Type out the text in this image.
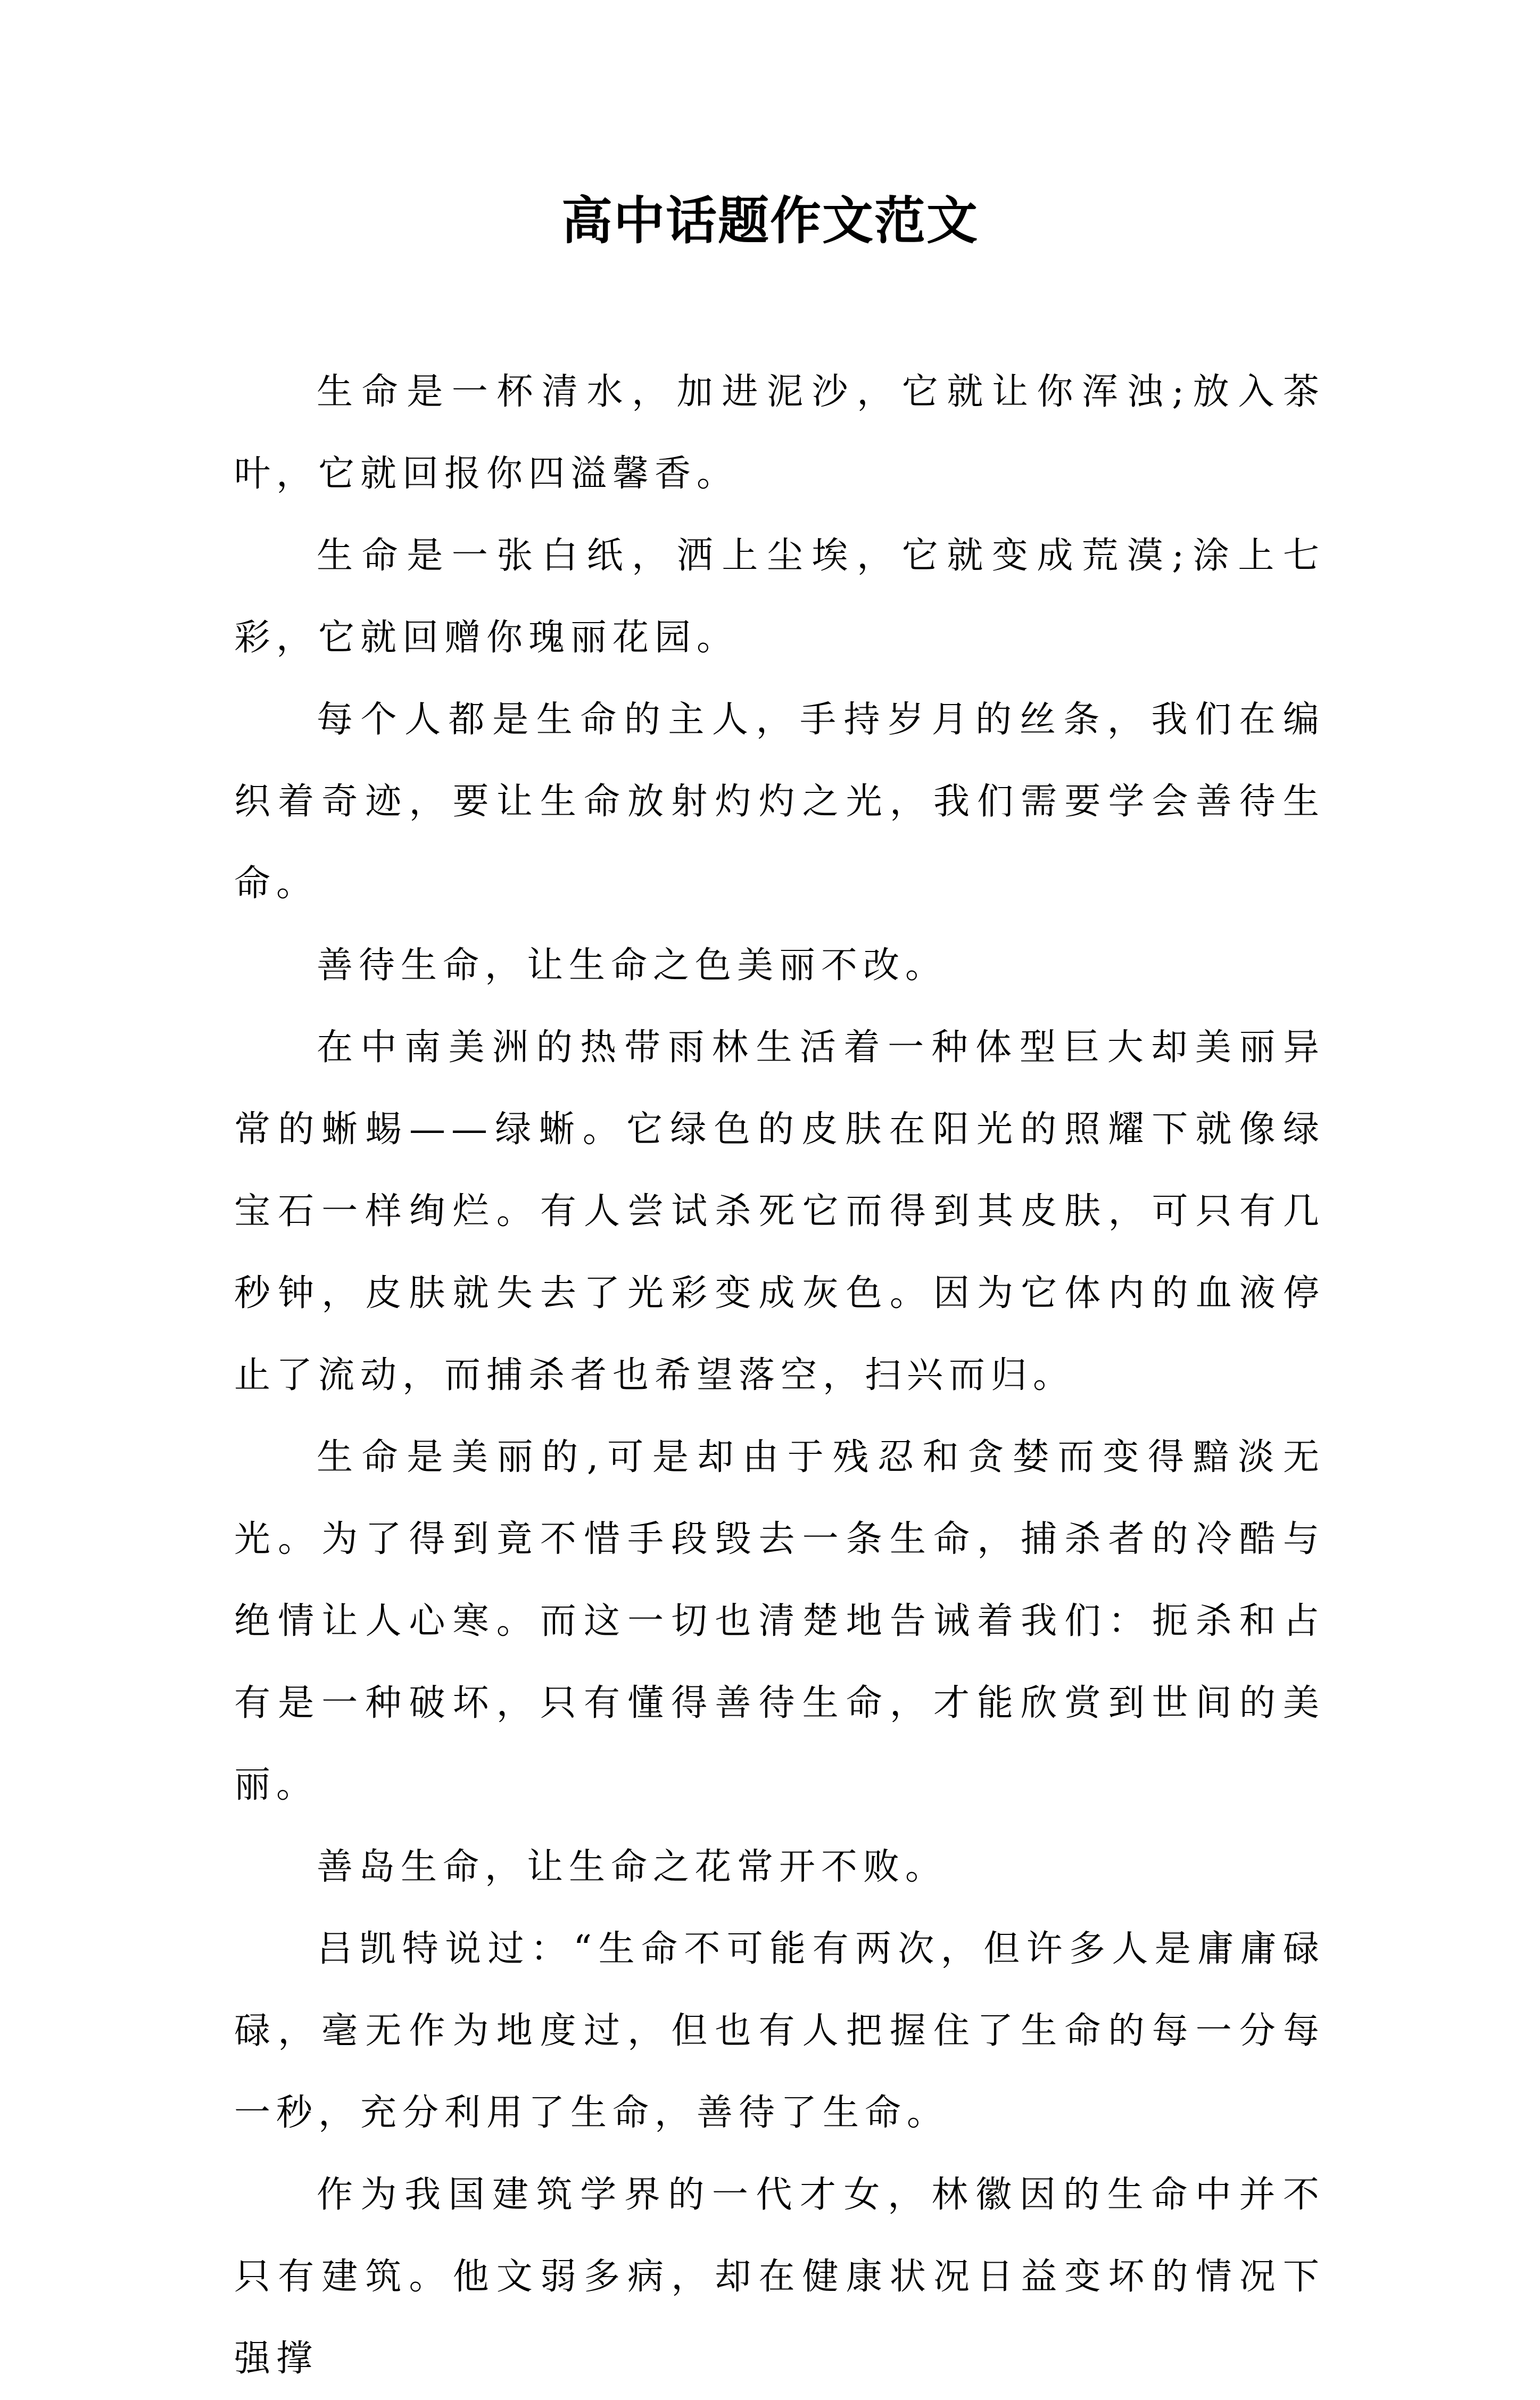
高中话题作文范文

生命是一杯清水，加进泥沙，它就让你浑浊;放入茶叶，它就回报你四溢馨香。

生命是一张白纸，洒上尘埃，它就变成荒漠;涂上七彩，它就回赠你瑰丽花园。

每个人都是生命的主人，手持岁月的丝条，我们在编织着奇迹，要让生命放射灼灼之光，我们需要学会善待生命。

善待生命，让生命之色美丽不改。

在中南美洲的热带雨林生活着一种体型巨大却美丽异常的蜥蜴——绿蜥。它绿色的皮肤在阳光的照耀下就像绿宝石一样绚烂。有人尝试杀死它而得到其皮肤，可只有几秒钟，皮肤就失去了光彩变成灰色。因为它体内的血液停止了流动，而捕杀者也希望落空，扫兴而归。

生命是美丽的,可是却由于残忍和贪婪而变得黯淡无光。为了得到竟不惜手段毁去一条生命，捕杀者的冷酷与绝情让人心寒。而这一切也清楚地告诫着我们：扼杀和占有是一种破坏，只有懂得善待生命，才能欣赏到世间的美丽。

善岛生命，让生命之花常开不败。

吕凯特说过：“生命不可能有两次，但许多人是庸庸碌碌，毫无作为地度过，但也有人把握住了生命的每一分每一秒，充分利用了生命，善待了生命。

作为我国建筑学界的一代才女，林徽因的生命中并不只有建筑。他文弱多病，却在健康状况日益变坏的情况下强撑
